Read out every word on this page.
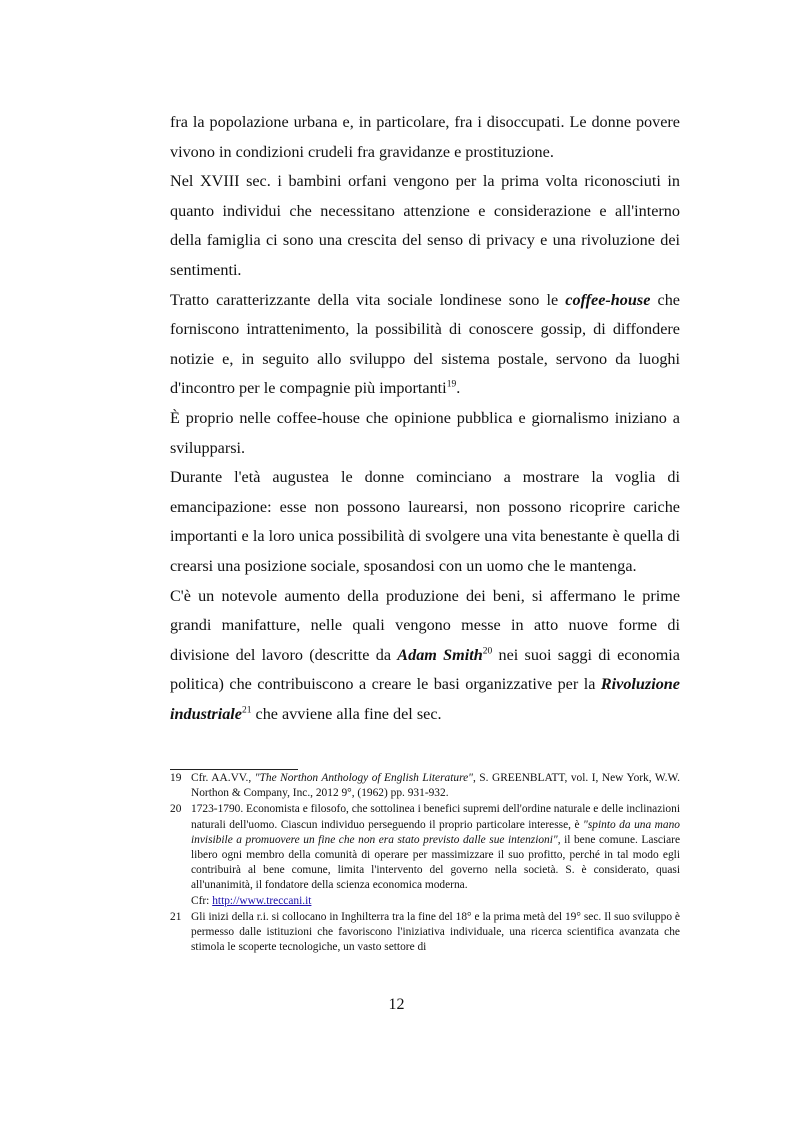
fra la popolazione urbana e, in particolare, fra i disoccupati. Le donne povere vivono in condizioni crudeli fra gravidanze e prostituzione.

Nel XVIII sec. i bambini orfani vengono per la prima volta riconosciuti in quanto individui che necessitano attenzione e considerazione e all'interno della famiglia ci sono una crescita del senso di privacy e una rivoluzione dei sentimenti.

Tratto caratterizzante della vita sociale londinese sono le coffee-house che forniscono intrattenimento, la possibilità di conoscere gossip, di diffondere notizie e, in seguito allo sviluppo del sistema postale, servono da luoghi d'incontro per le compagnie più importanti$^{19}$.

È proprio nelle coffee-house che opinione pubblica e giornalismo iniziano a svilupparsi.

Durante l'età augustea le donne cominciano a mostrare la voglia di emancipazione: esse non possono laurearsi, non possono ricoprire cariche importanti e la loro unica possibilità di svolgere una vita benestante è quella di crearsi una posizione sociale, sposandosi con un uomo che le mantenga.

C'è un notevole aumento della produzione dei beni, si affermano le prime grandi manifatture, nelle quali vengono messe in atto nuove forme di divisione del lavoro (descritte da Adam Smith$^{20}$ nei suoi saggi di economia politica) che contribuiscono a creare le basi organizzative per la Rivoluzione industriale$^{21}$ che avviene alla fine del sec.

19 Cfr. AA.VV., "The Northon Anthology of English Literature", S. GREENBLATT, vol. I, New York, W.W. Northon & Company, Inc., 2012 9°, (1962) pp. 931-932.
20 1723-1790. Economista e filosofo, che sottolinea i benefici supremi dell'ordine naturale e delle inclinazioni naturali dell'uomo. Ciascun individuo perseguendo il proprio particolare interesse, è "spinto da una mano invisibile a promuovere un fine che non era stato previsto dalle sue intenzioni", il bene comune. Lasciare libero ogni membro della comunità di operare per massimizzare il suo profitto, perché in tal modo egli contribuirà al bene comune, limita l'intervento del governo nella società. S. è considerato, quasi all'unanimità, il fondatore della scienza economica moderna.

Cfr: http://www.treccani.it

21 Gli inizi della r.i. si collocano in Inghilterra tra la fine del 18° e la prima metà del 19° sec. Il suo sviluppo è permesso dalle istituzioni che favoriscono l'iniziativa individuale, una ricerca scientifica avanzata che stimola le scoperte tecnologiche, un vasto settore di
12
